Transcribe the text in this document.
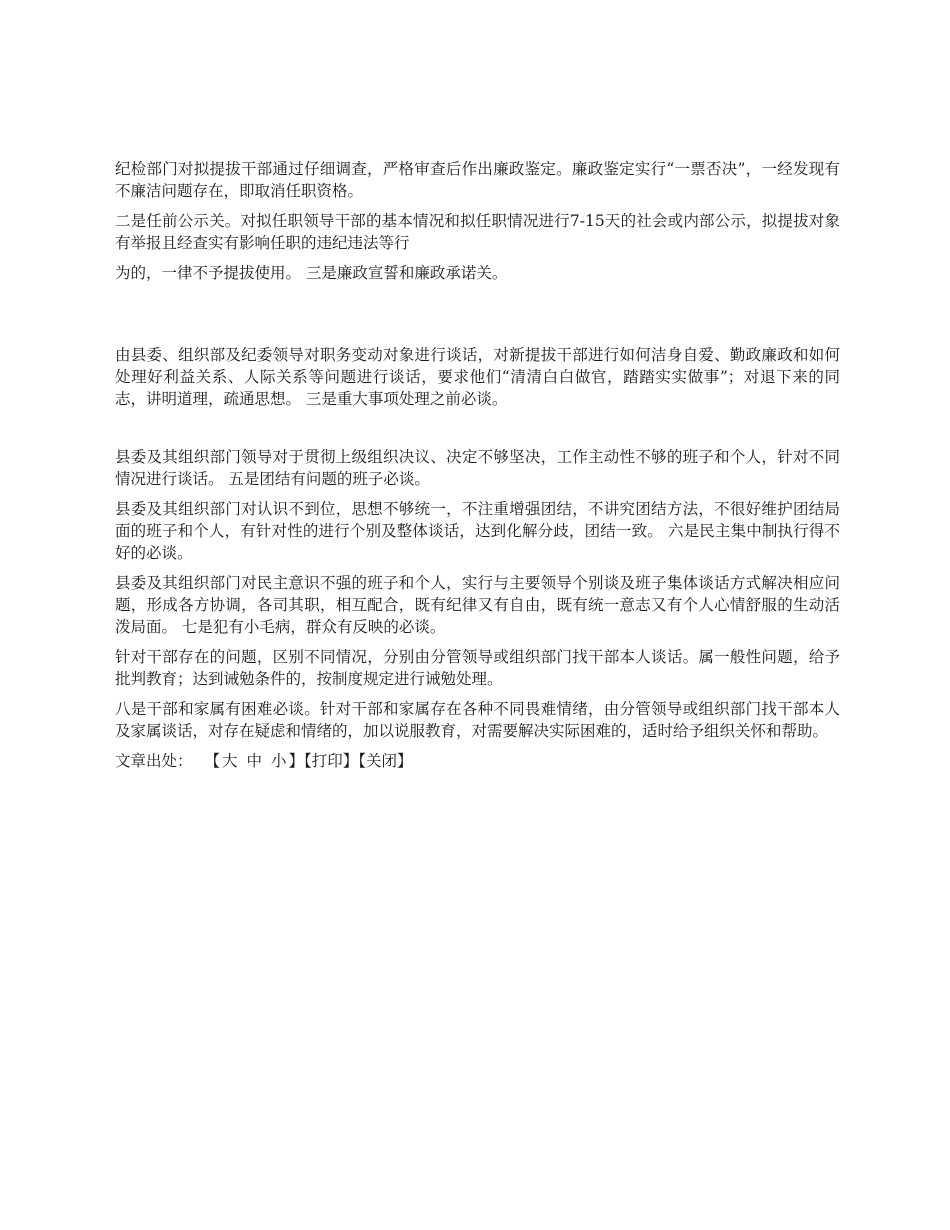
纪检部门对拟提拔干部通过仔细调查，严格审查后作出廉政鉴定。廉政鉴定实行“一票否决”，一经发现有不廉洁问题存在，即取消任职资格。

二是任前公示关。对拟任职领导干部的基本情况和拟任职情况进行7-15天的社会或内部公示，拟提拔对象有举报且经查实有影响任职的违纪违法等行

为的，一律不予提拔使用。 三是廉政宣誓和廉政承诺关。

由县委、组织部及纪委领导对职务变动对象进行谈话，对新提拔干部进行如何洁身自爱、勤政廉政和如何处理好利益关系、人际关系等问题进行谈话，要求他们“清清白白做官，踏踏实实做事”；对退下来的同志，讲明道理，疏通思想。 三是重大事项处理之前必谈。

县委及其组织部门领导对于贯彻上级组织决议、决定不够坚决，工作主动性不够的班子和个人，针对不同情况进行谈话。 五是团结有问题的班子必谈。

县委及其组织部门对认识不到位，思想不够统一，不注重增强团结，不讲究团结方法，不很好维护团结局面的班子和个人，有针对性的进行个别及整体谈话，达到化解分歧，团结一致。 六是民主集中制执行得不好的必谈。

县委及其组织部门对民主意识不强的班子和个人，实行与主要领导个别谈及班子集体谈话方式解决相应问题，形成各方协调，各司其职，相互配合，既有纪律又有自由，既有统一意志又有个人心情舒服的生动活泼局面。 七是犯有小毛病，群众有反映的必谈。

针对干部存在的问题，区别不同情况，分别由分管领导或组织部门找干部本人谈话。属一般性问题，给予批判教育；达到诫勉条件的，按制度规定进行诫勉处理。

八是干部和家属有困难必谈。针对干部和家属存在各种不同畏难情绪，由分管领导或组织部门找干部本人及家属谈话，对存在疑虑和情绪的，加以说服教育，对需要解决实际困难的，适时给予组织关怀和帮助。

文章出处： 【 大 中 小 】【打印】【关闭】
